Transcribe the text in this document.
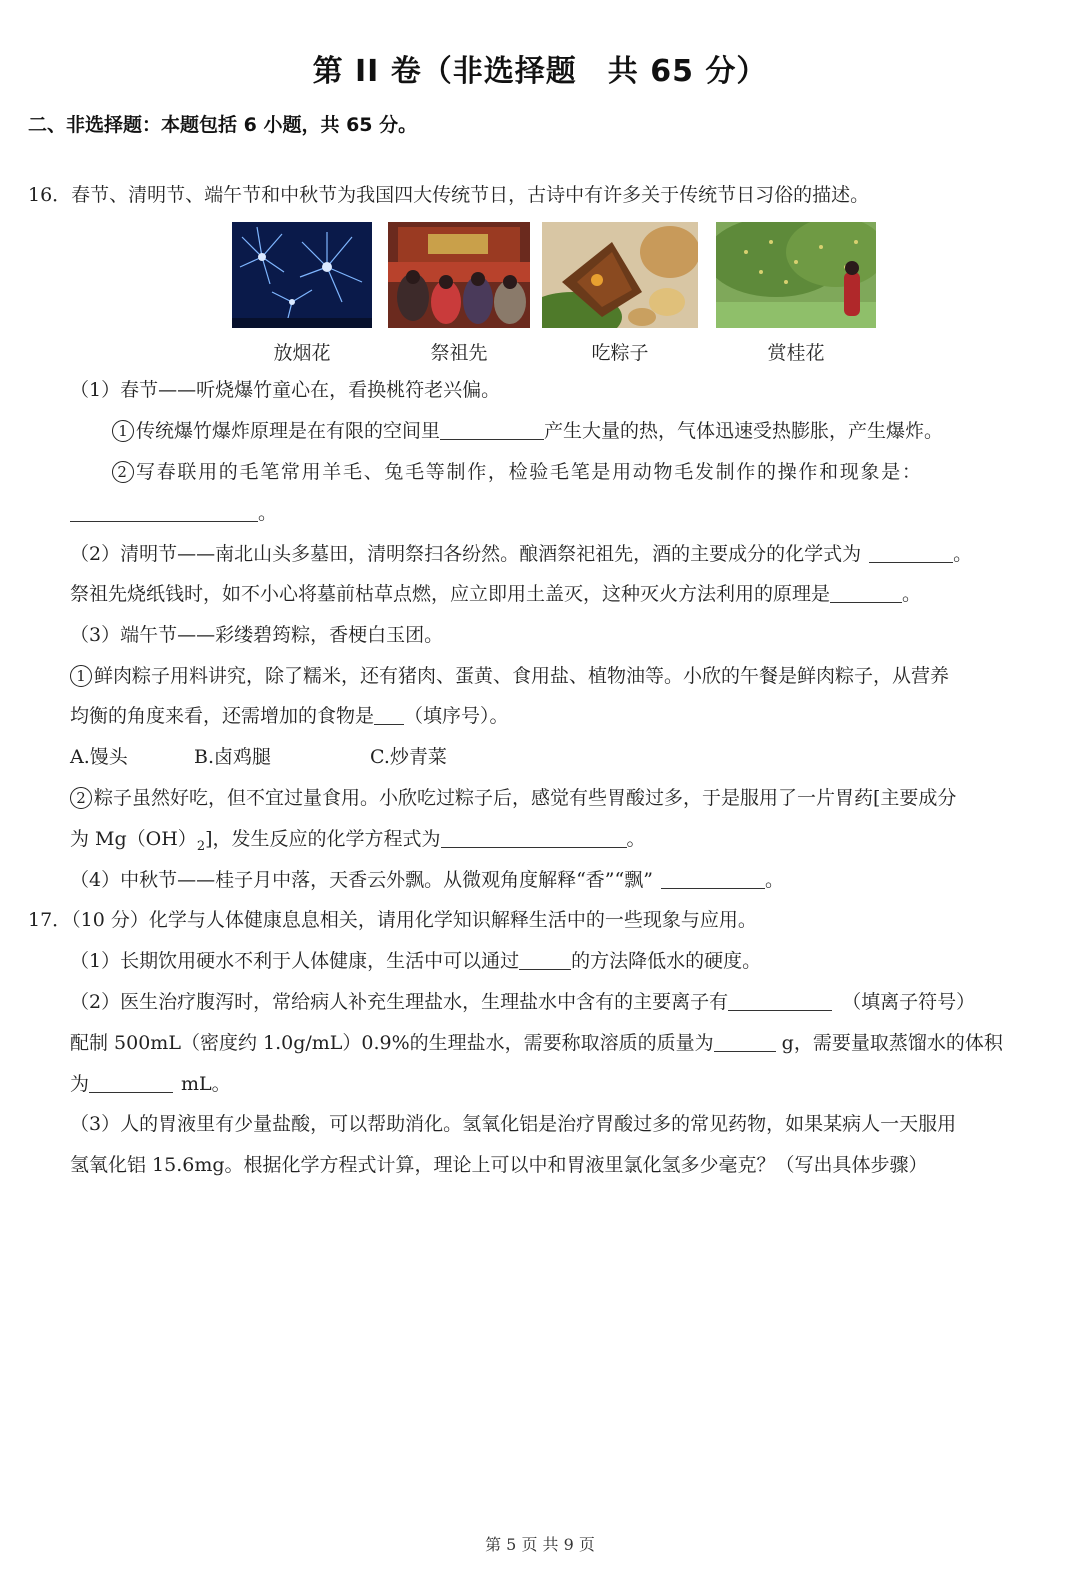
第 II 卷（非选择题　共 65 分）
二、非选择题：本题包括 6 小题，共 65 分。
16．春节、清明节、端午节和中秋节为我国四大传统节日，古诗中有许多关于传统节日习俗的描述。
放烟花	祭祖先	吃粽子	赏桂花
（1）春节——听烧爆竹童心在，看换桃符老兴偏。
1 传统爆竹爆炸原理是在有限的空间里	产生大量的热，气体迅速受热膨胀，产生爆炸。
2 写春联用的毛笔常用羊毛、兔毛等制作，检验毛笔是用动物毛发制作的操作和现象是：
。
（2）清明节——南北山头多墓田，清明祭扫各纷然。酿酒祭祀祖先，酒的主要成分的化学式为	。
祭祖先烧纸钱时，如不小心将墓前枯草点燃，应立即用土盖灭，这种灭火方法利用的原理是	。
（3）端午节——彩缕碧筠粽，香梗白玉团。
1 鲜肉粽子用料讲究，除了糯米，还有猪肉、蛋黄、食用盐、植物油等。小欣的午餐是鲜肉粽子，从营养
均衡的角度来看，还需增加的食物是 （填序号）。
A.馒头	B.卤鸡腿	C.炒青菜
2 粽子虽然好吃，但不宜过量食用。小欣吃过粽子后，感觉有些胃酸过多，于是服用了一片胃药[主要成分
为 $Mg(OH)_2$]，发生反应的化学方程式为	。
（4）中秋节——桂子月中落，天香云外飘。从微观角度解释“香”“飘”	。
17．（10 分）化学与人体健康息息相关，请用化学知识解释生活中的一些现象与应用。
（1）长期饮用硬水不利于人体健康，生活中可以通过	的方法降低水的硬度。
（2）医生治疗腹泻时，常给病人补充生理盐水，生理盐水中含有的主要离子有	（填离子符号）
配制 500mL（密度约 1.0g/mL）0.9%的生理盐水，需要称取溶质的质量为	g，需要量取蒸馏水的体积
为	mL。
（3）人的胃液里有少量盐酸，可以帮助消化。氢氧化铝是治疗胃酸过多的常见药物，如果某病人一天服用
氢氧化铝 15.6mg。根据化学方程式计算，理论上可以中和胃液里氯化氢多少毫克？（写出具体步骤）
第 5 页 共 9 页
